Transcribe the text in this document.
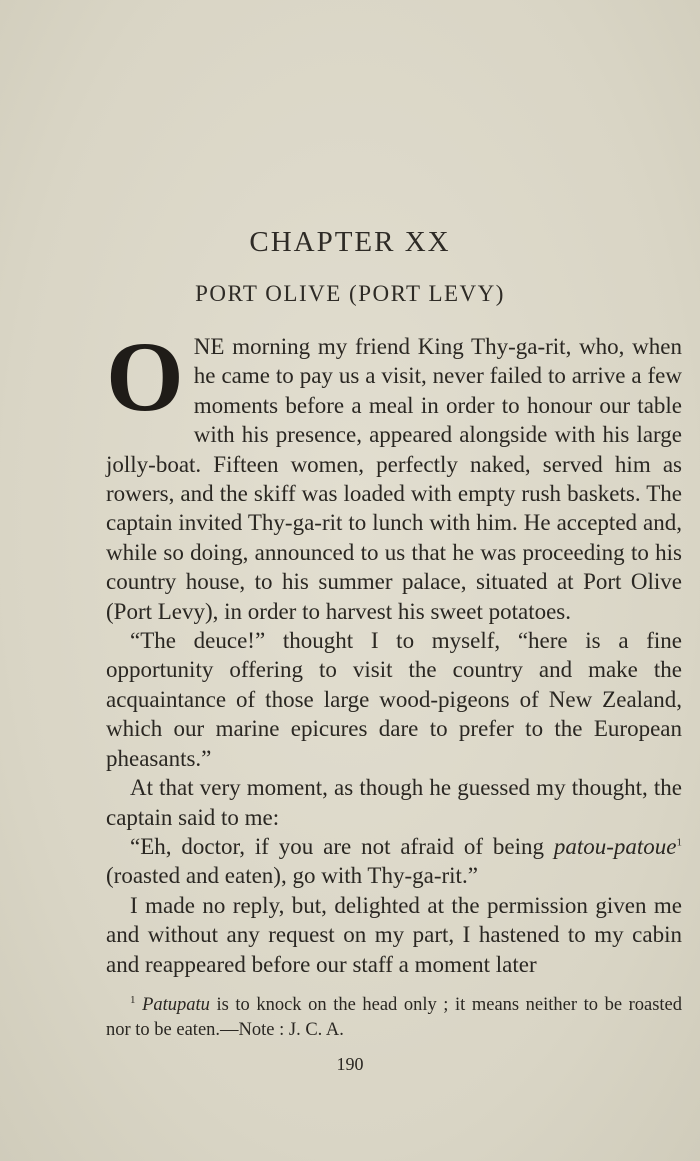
CHAPTER XX
PORT OLIVE (PORT LEVY)

ONE morning my friend King Thy-ga-rit, who, when he came to pay us a visit, never failed to arrive a few moments before a meal in order to honour our table with his presence, appeared alongside with his large jolly-boat. Fifteen women, perfectly naked, served him as rowers, and the skiff was loaded with empty rush baskets. The captain invited Thy-ga-rit to lunch with him. He accepted and, while so doing, announced to us that he was proceeding to his country house, to his summer palace, situated at Port Olive (Port Levy), in order to harvest his sweet potatoes.

“The deuce!” thought I to myself, “here is a fine opportunity offering to visit the country and make the acquaintance of those large wood-pigeons of New Zealand, which our marine epicures dare to prefer to the European pheasants.”

At that very moment, as though he guessed my thought, the captain said to me:

“Eh, doctor, if you are not afraid of being patou-patoue$^1$ (roasted and eaten), go with Thy-ga-rit.”

I made no reply, but, delighted at the permission given me and without any request on my part, I hastened to my cabin and reappeared before our staff a moment later

$^1$ Patupatu is to knock on the head only ; it means neither to be roasted nor to be eaten.—Note : J. C. A.

190
